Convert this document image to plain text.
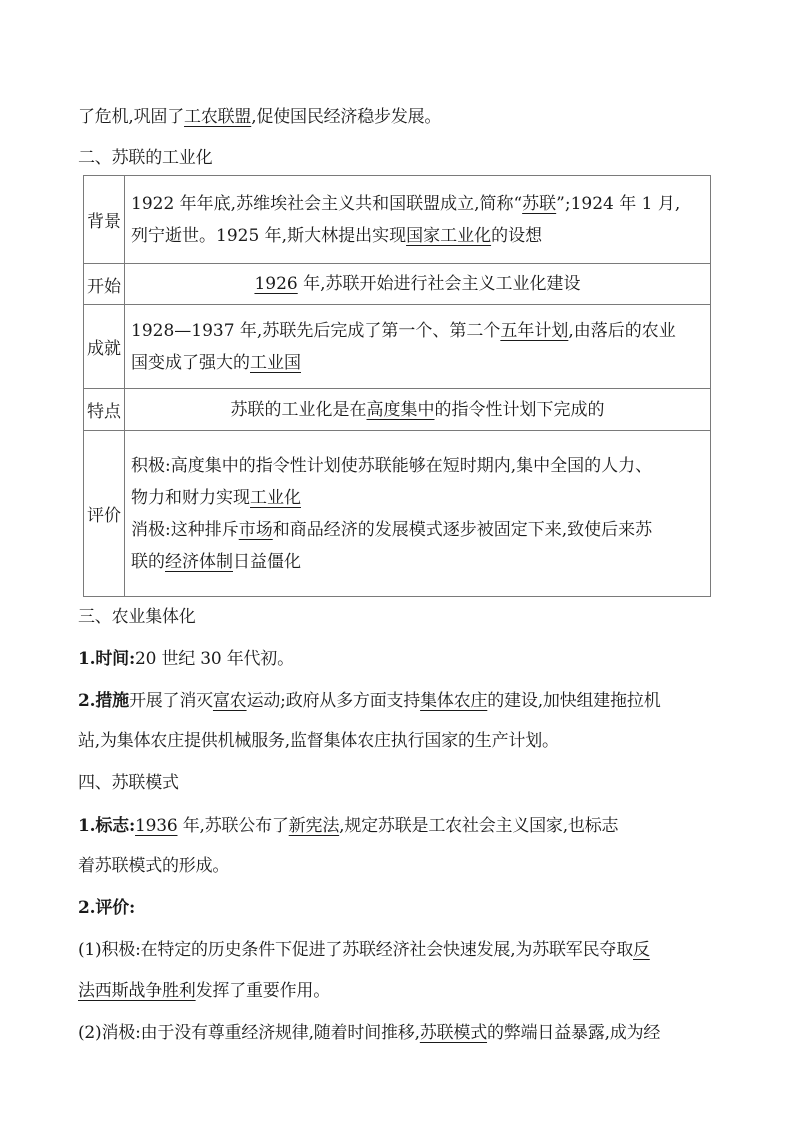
了危机,巩固了工农联盟,促使国民经济稳步发展。
二、苏联的工业化
背景	1922 年年底,苏维埃社会主义共和国联盟成立,简称“苏联”;1924 年 1 月,
列宁逝世。1925 年,斯大林提出实现国家工业化的设想

开始	1926 年,苏联开始进行社会主义工业化建设

成就	1928—1937 年,苏联先后完成了第一个、第二个五年计划,由落后的农业
国变成了强大的工业国

特点	苏联的工业化是在高度集中的指令性计划下完成的

评价	积极:高度集中的指令性计划使苏联能够在短时期内,集中全国的人力、
物力和财力实现工业化
消极:这种排斥市场和商品经济的发展模式逐步被固定下来,致使后来苏
联的经济体制日益僵化
三、农业集体化
1.时间:20 世纪 30 年代初。
2.措施开展了消灭富农运动;政府从多方面支持集体农庄的建设,加快组建拖拉机
站,为集体农庄提供机械服务,监督集体农庄执行国家的生产计划。
四、苏联模式
1.标志:1936 年,苏联公布了新宪法,规定苏联是工农社会主义国家,也标志
着苏联模式的形成。
2.评价:
(1)积极:在特定的历史条件下促进了苏联经济社会快速发展,为苏联军民夺取反
法西斯战争胜利发挥了重要作用。
(2)消极:由于没有尊重经济规律,随着时间推移,苏联模式的弊端日益暴露,成为经
